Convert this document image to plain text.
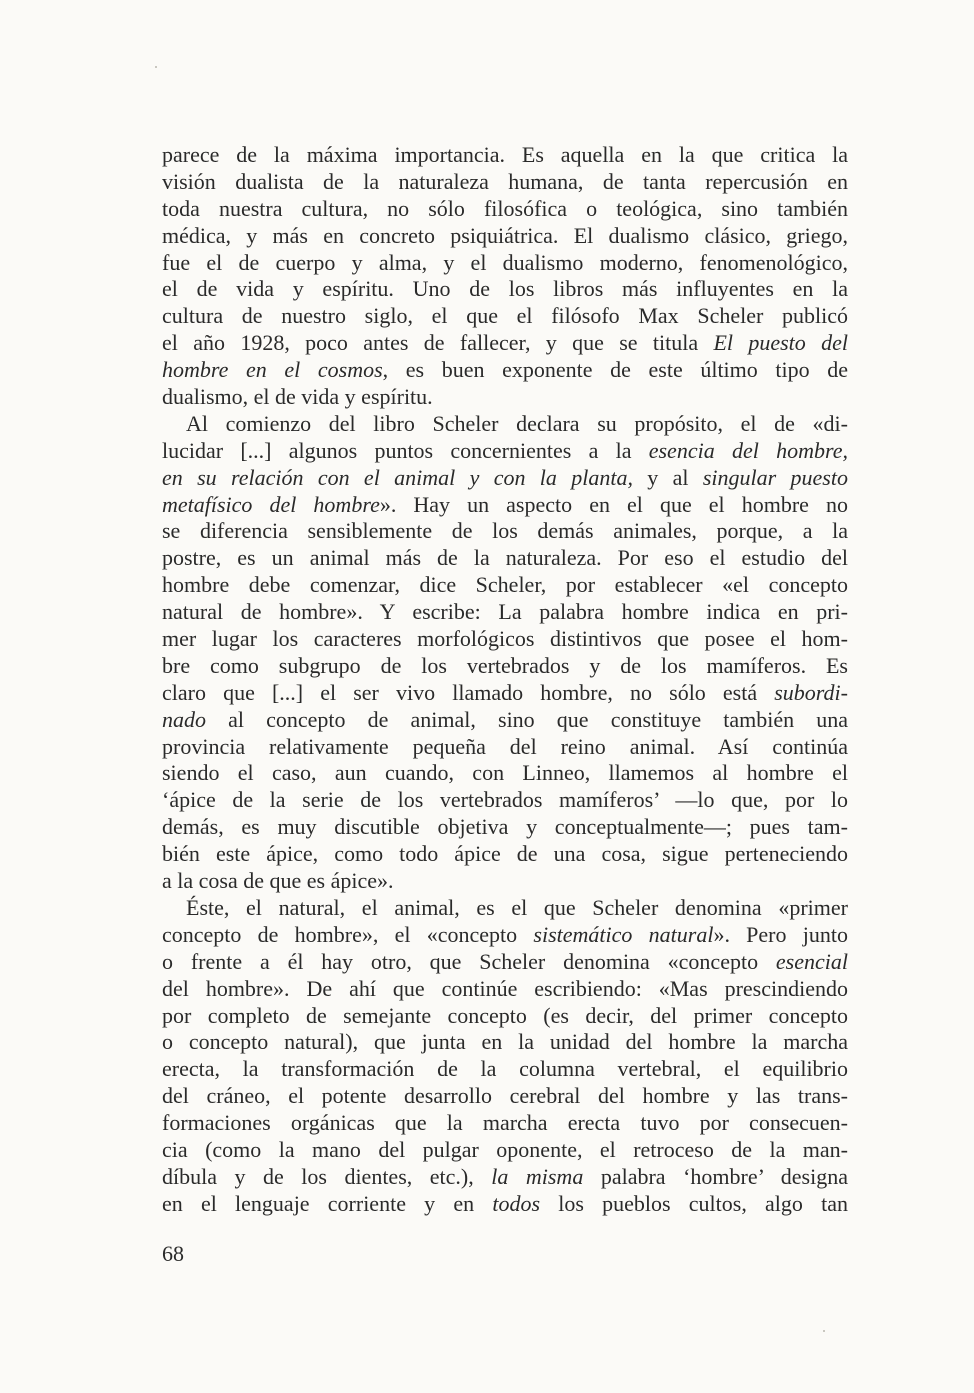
parece de la máxima importancia. Es aquella en la que critica la
visión dualista de la naturaleza humana, de tanta repercusión en
toda nuestra cultura, no sólo filosófica o teológica, sino también
médica, y más en concreto psiquiátrica. El dualismo clásico, griego,
fue el de cuerpo y alma, y el dualismo moderno, fenomenológico,
el de vida y espíritu. Uno de los libros más influyentes en la
cultura de nuestro siglo, el que el filósofo Max Scheler publicó
el año 1928, poco antes de fallecer, y que se titula El puesto del
hombre en el cosmos, es buen exponente de este último tipo de
dualismo, el de vida y espíritu.
Al comienzo del libro Scheler declara su propósito, el de «di-
lucidar [...] algunos puntos concernientes a la esencia del hombre,
en su relación con el animal y con la planta, y al singular puesto
metafísico del hombre». Hay un aspecto en el que el hombre no
se diferencia sensiblemente de los demás animales, porque, a la
postre, es un animal más de la naturaleza. Por eso el estudio del
hombre debe comenzar, dice Scheler, por establecer «el concepto
natural de hombre». Y escribe: La palabra hombre indica en pri-
mer lugar los caracteres morfológicos distintivos que posee el hom-
bre como subgrupo de los vertebrados y de los mamíferos. Es
claro que [...] el ser vivo llamado hombre, no sólo está subordi-
nado al concepto de animal, sino que constituye también una
provincia relativamente pequeña del reino animal. Así continúa
siendo el caso, aun cuando, con Linneo, llamemos al hombre el
‘ápice de la serie de los vertebrados mamíferos’ —lo que, por lo
demás, es muy discutible objetiva y conceptualmente—; pues tam-
bién este ápice, como todo ápice de una cosa, sigue perteneciendo
a la cosa de que es ápice».
Éste, el natural, el animal, es el que Scheler denomina «primer
concepto de hombre», el «concepto sistemático natural». Pero junto
o frente a él hay otro, que Scheler denomina «concepto esencial
del hombre». De ahí que continúe escribiendo: «Mas prescindiendo
por completo de semejante concepto (es decir, del primer concepto
o concepto natural), que junta en la unidad del hombre la marcha
erecta, la transformación de la columna vertebral, el equilibrio
del cráneo, el potente desarrollo cerebral del hombre y las trans-
formaciones orgánicas que la marcha erecta tuvo por consecuen-
cia (como la mano del pulgar oponente, el retroceso de la man-
díbula y de los dientes, etc.), la misma palabra ‘hombre’ designa
en el lenguaje corriente y en todos los pueblos cultos, algo tan
68
